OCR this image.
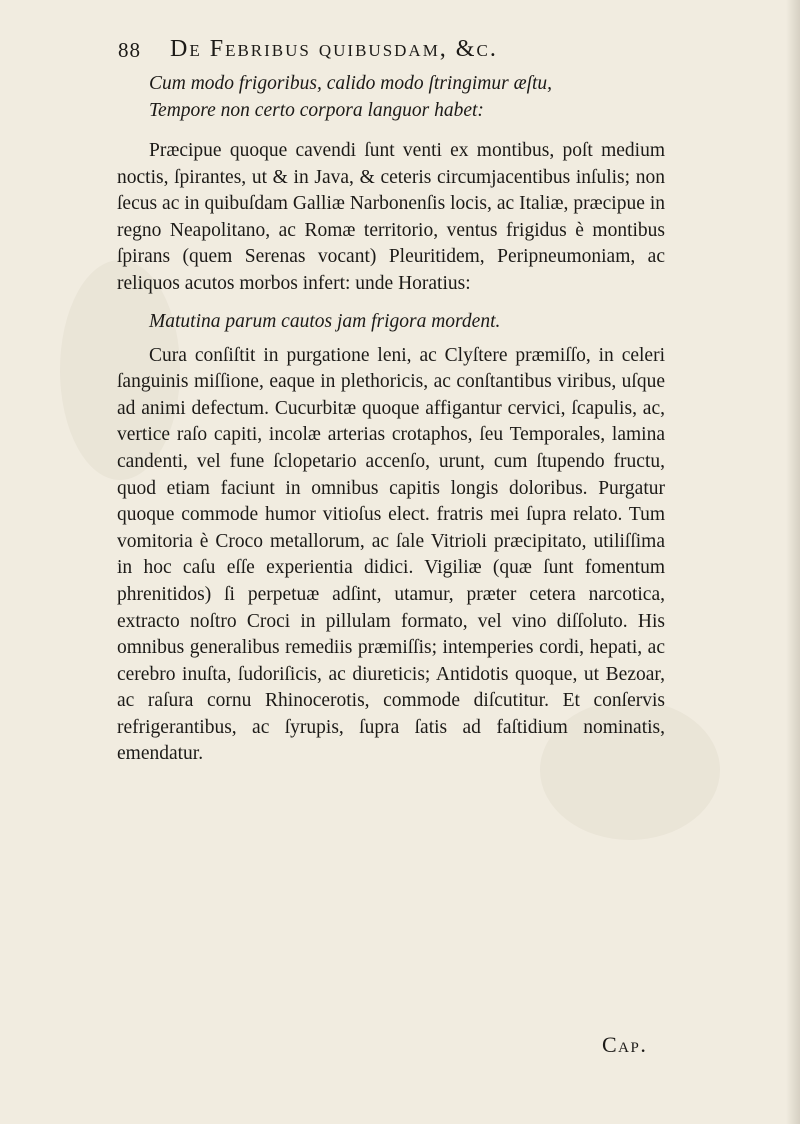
88 De Febribus quibusdam, &c.

Cum modo frigoribus, calido modo ſtringimur æſtu,
Tempore non certo corpora languor habet:

Præcipue quoque cavendi ſunt venti ex montibus, poſt medium noctis, ſpirantes, ut & in Java, & ceteris circumjacentibus inſulis; non ſecus ac in quibuſdam Galliæ Narbonenſis locis, ac Italiæ, præcipue in regno Neapolitano, ac Romæ territorio, ventus frigidus è montibus ſpirans (quem Serenas vocant) Pleuritidem, Peripneumoniam, ac reliquos acutos morbos infert: unde Horatius:

Matutina parum cautos jam frigora mordent.

Cura conſiſtit in purgatione leni, ac Clyſtere præmiſſo, in celeri ſanguinis miſſione, eaque in plethoricis, ac conſtantibus viribus, uſque ad animi defectum. Cucurbitæ quoque affigantur cervici, ſcapulis, ac, vertice raſo capiti, incolæ arterias crotaphos, ſeu Temporales, lamina candenti, vel fune ſclopetario accenſo, urunt, cum ſtupendo fructu, quod etiam faciunt in omnibus capitis longis doloribus. Purgatur quoque commode humor vitioſus elect. fratris mei ſupra relato. Tum vomitoria è Croco metallorum, ac ſale Vitrioli præcipitato, utiliſſima in hoc caſu eſſe experientia didici. Vigiliæ (quæ ſunt fomentum phrenitidos) ſi perpetuæ adſint, utamur, præter cetera narcotica, extracto noſtro Croci in pillulam formato, vel vino diſſoluto. His omnibus generalibus remediis præmiſſis; intemperies cordi, hepati, ac cerebro inuſta, ſudoriſicis, ac diureticis; Antidotis quoque, ut Bezoar, ac raſura cornu Rhinocerotis, commode diſcutitur. Et conſervis refrigerantibus, ac ſyrupis, ſupra ſatis ad faſtidium nominatis, emendatur.

Cap.
